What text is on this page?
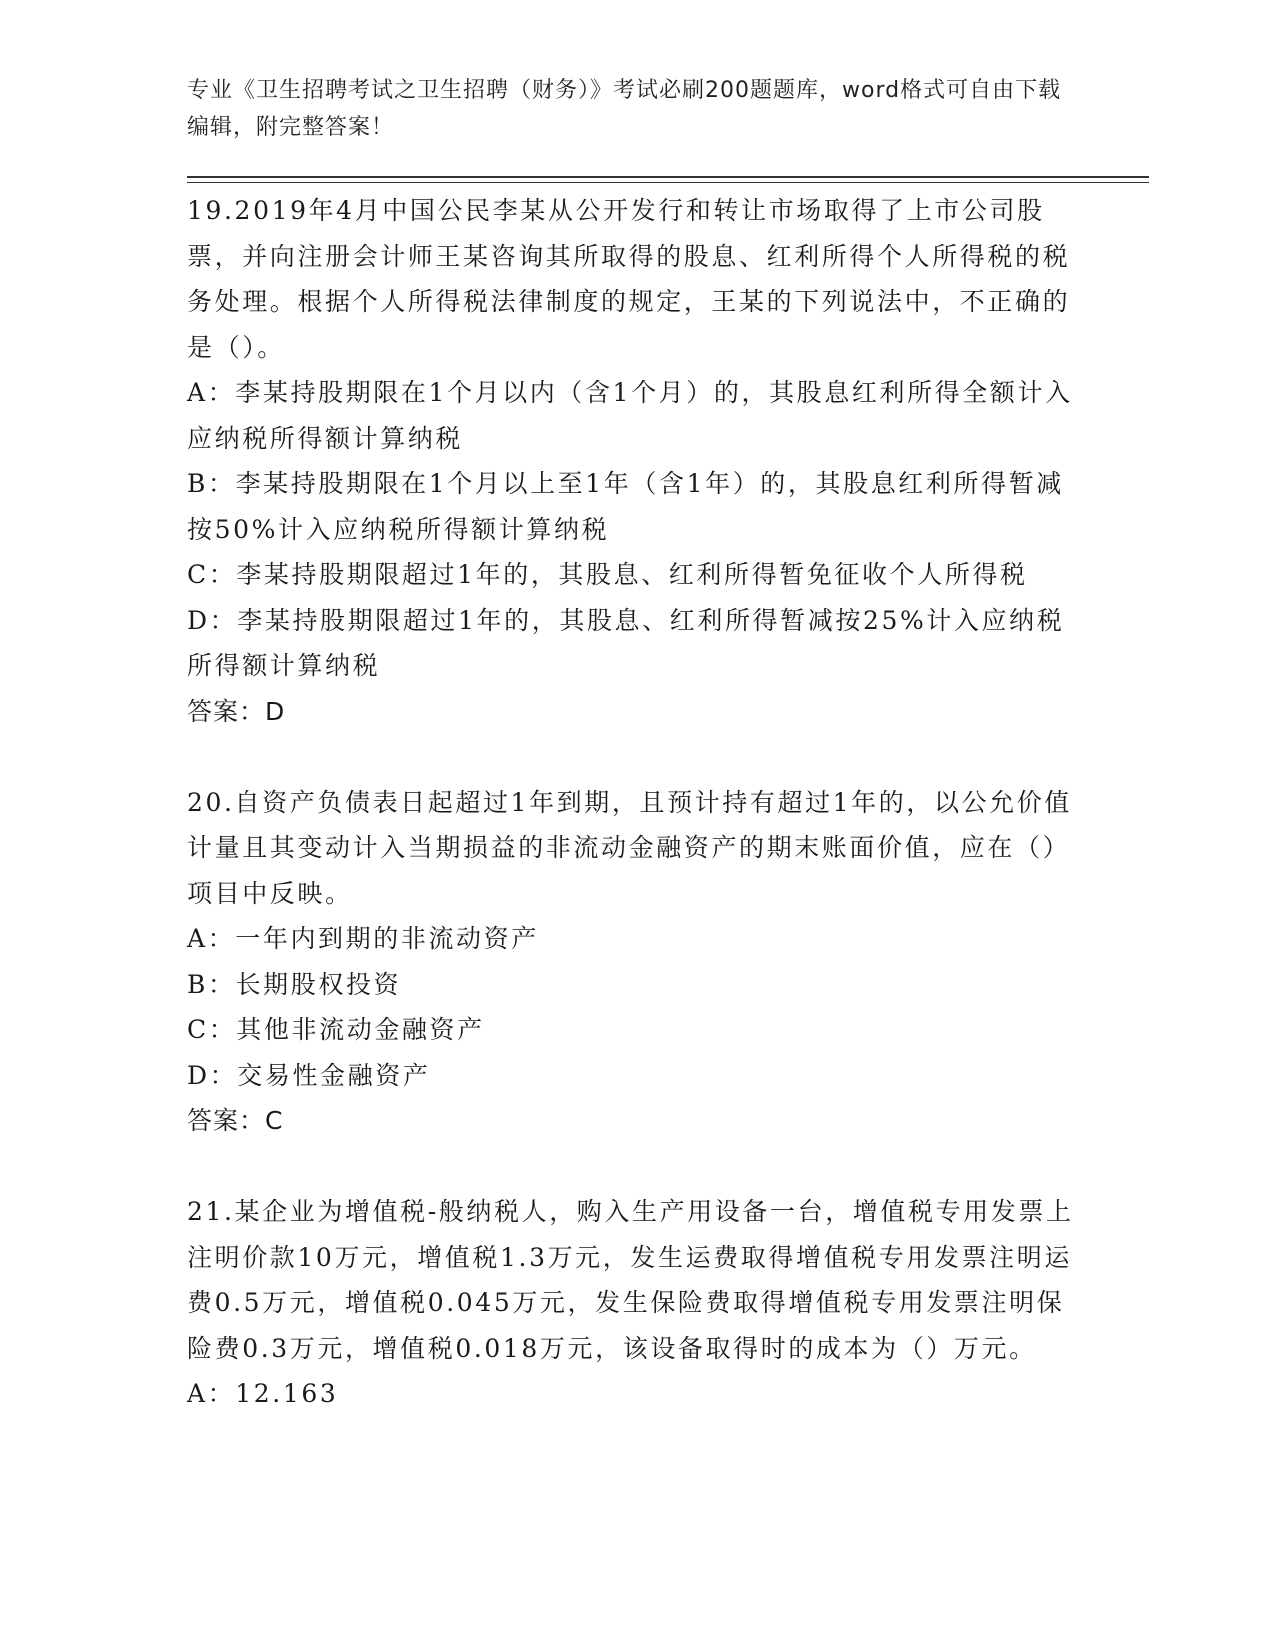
专业《卫生招聘考试之卫生招聘（财务）》考试必刷200题题库，word格式可自由下载编辑，附完整答案！

19.2019年4月中国公民李某从公开发行和转让市场取得了上市公司股票，并向注册会计师王某咨询其所取得的股息、红利所得个人所得税的税务处理。根据个人所得税法律制度的规定，王某的下列说法中，不正确的是（）。

A：李某持股期限在1个月以内（含1个月）的，其股息红利所得全额计入应纳税所得额计算纳税

B：李某持股期限在1个月以上至1年（含1年）的，其股息红利所得暂减按50%计入应纳税所得额计算纳税

C：李某持股期限超过1年的，其股息、红利所得暂免征收个人所得税

D：李某持股期限超过1年的，其股息、红利所得暂减按25%计入应纳税所得额计算纳税

答案：D

20.自资产负债表日起超过1年到期，且预计持有超过1年的，以公允价值计量且其变动计入当期损益的非流动金融资产的期末账面价值，应在（）项目中反映。

A：一年内到期的非流动资产

B：长期股权投资

C：其他非流动金融资产

D：交易性金融资产

答案：C

21.某企业为增值税-般纳税人，购入生产用设备一台，增值税专用发票上注明价款10万元，增值税1.3万元，发生运费取得增值税专用发票注明运费0.5万元，增值税0.045万元，发生保险费取得增值税专用发票注明保险费0.3万元，增值税0.018万元，该设备取得时的成本为（）万元。

A：12.163
